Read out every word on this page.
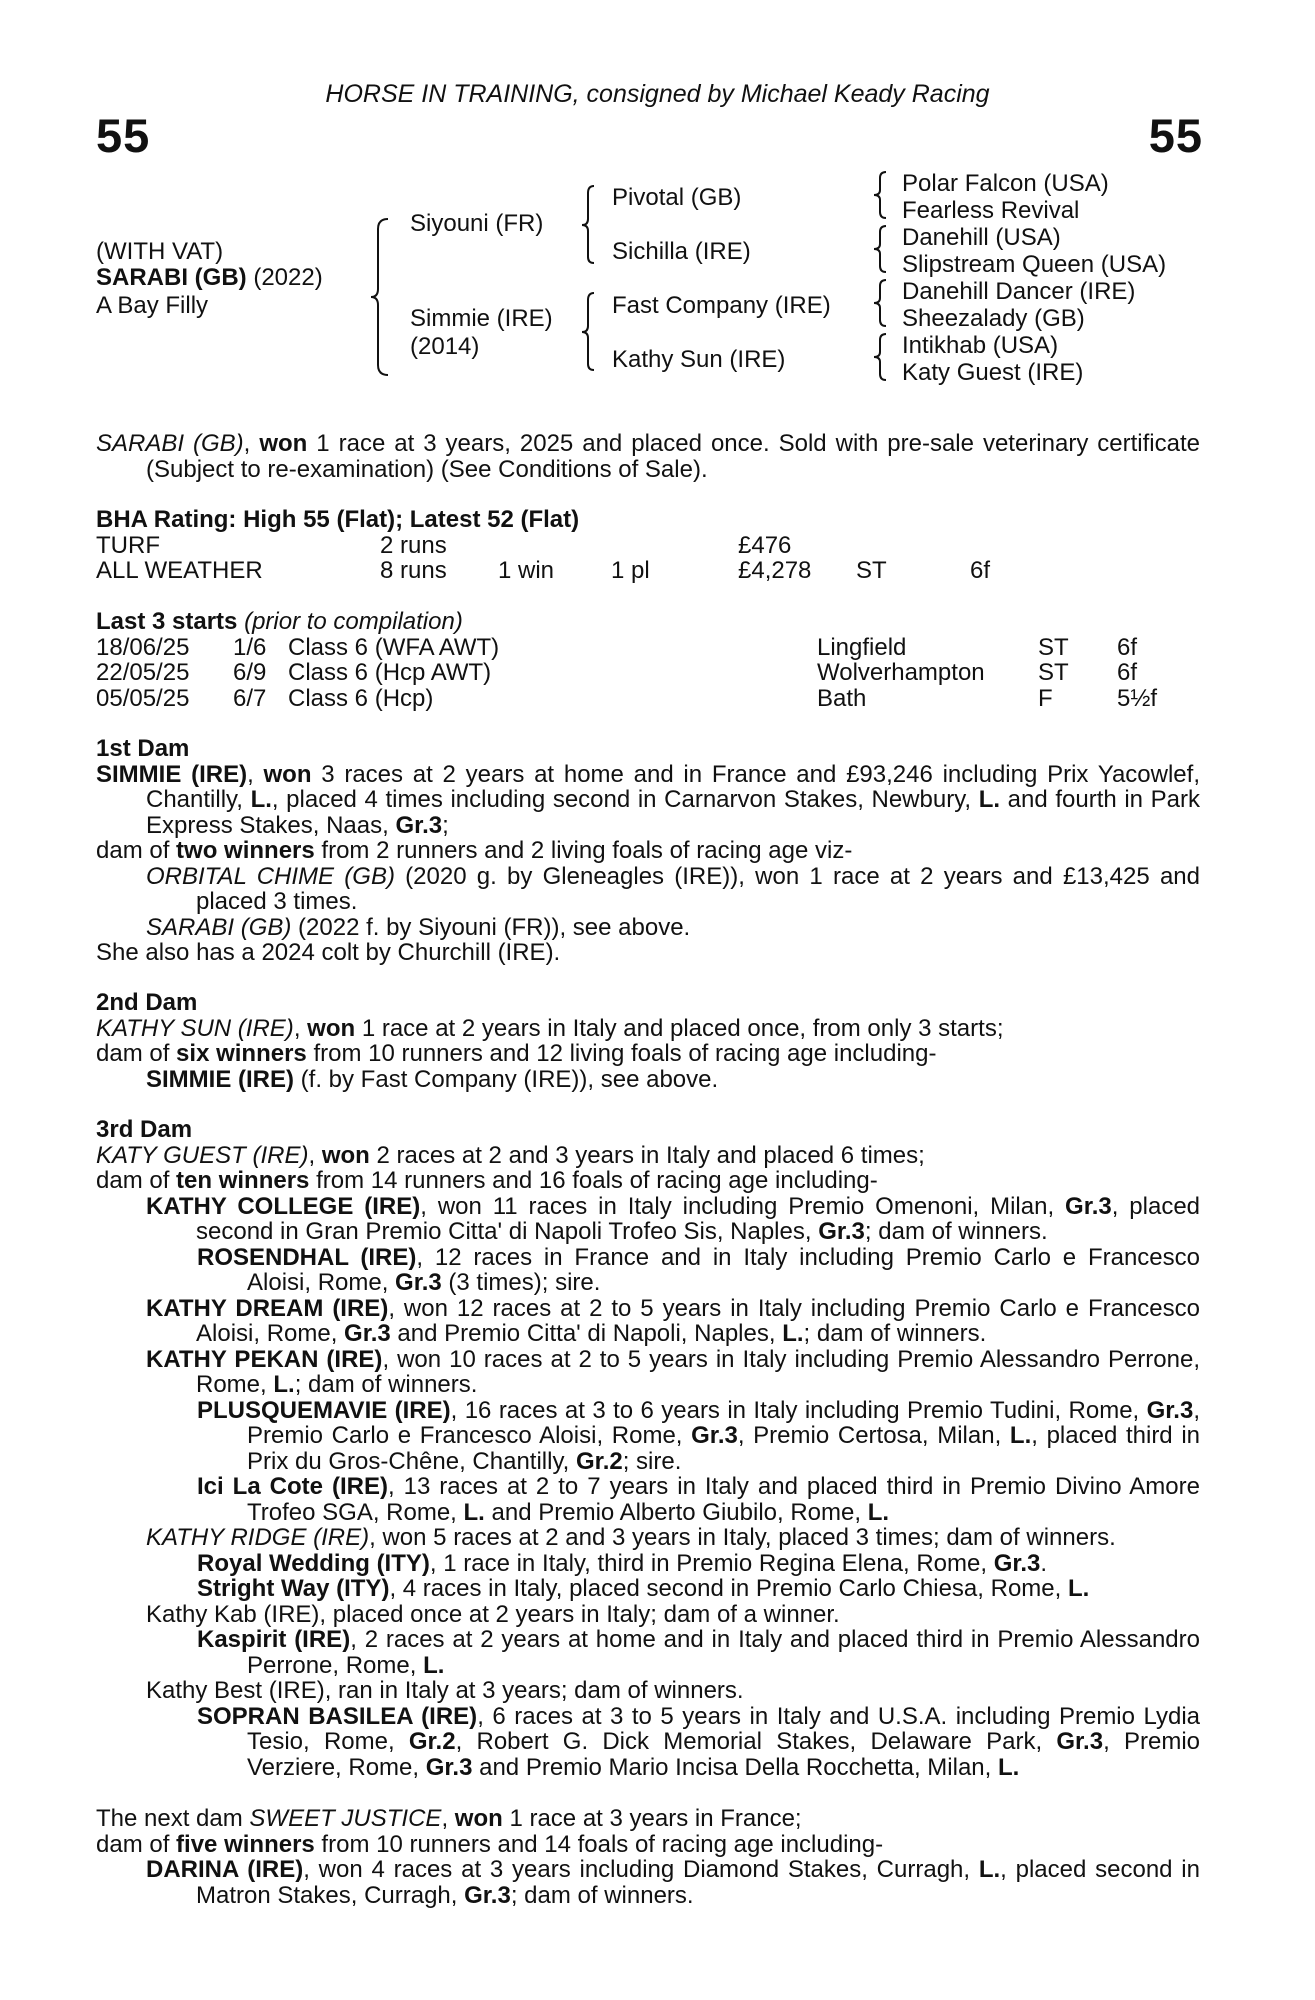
HORSE IN TRAINING, consigned by Michael Keady Racing
55	55
(WITH VAT)
SARABI (GB) (2022)
A Bay Filly
Siyouni (FR)
Simmie (IRE)
(2014)
Pivotal (GB)
Sichilla (IRE)
Fast Company (IRE)
Kathy Sun (IRE)
Polar Falcon (USA)
Fearless Revival
Danehill (USA)
Slipstream Queen (USA)
Danehill Dancer (IRE)
Sheezalady (GB)
Intikhab (USA)
Katy Guest (IRE)

SARABI (GB), won 1 race at 3 years, 2025 and placed once. Sold with pre-sale veterinary certificate (Subject to re-examination) (See Conditions of Sale).

BHA Rating: High 55 (Flat); Latest 52 (Flat)

TURF	2 runs	£476
ALL WEATHER	8 runs 1 win 1 pl	£4,278 ST	6f

Last 3 starts (prior to compilation)

18/06/25 1/6 Class 6 (WFA AWT)	Lingfield	ST 6f
22/05/25 6/9 Class 6 (Hcp AWT)	Wolverhampton ST 6f
05/05/25 6/7 Class 6 (Hcp)	Bath	F	5½f

1st Dam

SIMMIE (IRE), won 3 races at 2 years at home and in France and £93,246 including Prix Yacowlef, Chantilly, L., placed 4 times including second in Carnarvon Stakes, Newbury, L. and fourth in Park Express Stakes, Naas, Gr.3;

dam of two winners from 2 runners and 2 living foals of racing age viz-

ORBITAL CHIME (GB) (2020 g. by Gleneagles (IRE)), won 1 race at 2 years and £13,425 and placed 3 times.

SARABI (GB) (2022 f. by Siyouni (FR)), see above.

She also has a 2024 colt by Churchill (IRE).

2nd Dam

KATHY SUN (IRE), won 1 race at 2 years in Italy and placed once, from only 3 starts;

dam of six winners from 10 runners and 12 living foals of racing age including-

SIMMIE (IRE) (f. by Fast Company (IRE)), see above.

3rd Dam

KATY GUEST (IRE), won 2 races at 2 and 3 years in Italy and placed 6 times;

dam of ten winners from 14 runners and 16 foals of racing age including-

KATHY COLLEGE (IRE), won 11 races in Italy including Premio Omenoni, Milan, Gr.3, placed second in Gran Premio Citta' di Napoli Trofeo Sis, Naples, Gr.3; dam of winners.

ROSENDHAL (IRE), 12 races in France and in Italy including Premio Carlo e Francesco Aloisi, Rome, Gr.3 (3 times); sire.

KATHY DREAM (IRE), won 12 races at 2 to 5 years in Italy including Premio Carlo e Francesco Aloisi, Rome, Gr.3 and Premio Citta' di Napoli, Naples, L.; dam of winners.

KATHY PEKAN (IRE), won 10 races at 2 to 5 years in Italy including Premio Alessandro Perrone, Rome, L.; dam of winners.

PLUSQUEMAVIE (IRE), 16 races at 3 to 6 years in Italy including Premio Tudini, Rome, Gr.3, Premio Carlo e Francesco Aloisi, Rome, Gr.3, Premio Certosa, Milan, L., placed third in Prix du Gros-Chêne, Chantilly, Gr.2; sire.

Ici La Cote (IRE), 13 races at 2 to 7 years in Italy and placed third in Premio Divino Amore Trofeo SGA, Rome, L. and Premio Alberto Giubilo, Rome, L.

KATHY RIDGE (IRE), won 5 races at 2 and 3 years in Italy, placed 3 times; dam of winners.

Royal Wedding (ITY), 1 race in Italy, third in Premio Regina Elena, Rome, Gr.3.

Stright Way (ITY), 4 races in Italy, placed second in Premio Carlo Chiesa, Rome, L.

Kathy Kab (IRE), placed once at 2 years in Italy; dam of a winner.

Kaspirit (IRE), 2 races at 2 years at home and in Italy and placed third in Premio Alessandro Perrone, Rome, L.

Kathy Best (IRE), ran in Italy at 3 years; dam of winners.

SOPRAN BASILEA (IRE), 6 races at 3 to 5 years in Italy and U.S.A. including Premio Lydia Tesio, Rome, Gr.2, Robert G. Dick Memorial Stakes, Delaware Park, Gr.3, Premio Verziere, Rome, Gr.3 and Premio Mario Incisa Della Rocchetta, Milan, L.

The next dam SWEET JUSTICE, won 1 race at 3 years in France;

dam of five winners from 10 runners and 14 foals of racing age including-

DARINA (IRE), won 4 races at 3 years including Diamond Stakes, Curragh, L., placed second in Matron Stakes, Curragh, Gr.3; dam of winners.
